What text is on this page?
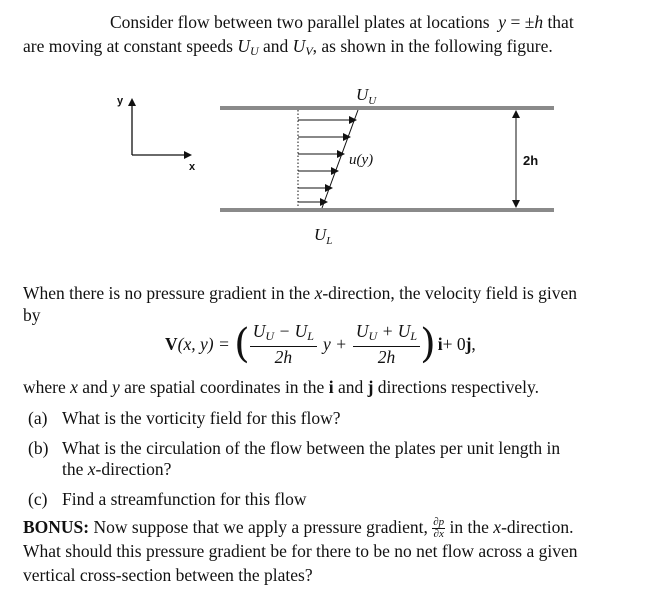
Consider flow between two parallel plates at locations y = ±h that
are moving at constant speeds $U_U$ and $U_V$, as shown in the following figure.
y
x
$U_U$
$U_L$
u(y)	2h
When there is no pressure gradient in the x-direction, the velocity field is given
by
V (x, y) =
( $\frac{U_U - U_L}{2h}$ $y + \frac{U_U + U_L}{2h}$ ) i + 0 j ,
where x and y are spatial coordinates in the i and j directions respectively.
(a) What is the vorticity field for this flow?
(b) What is the circulation of the flow between the plates per unit length in
the x-direction?
(c) Find a streamfunction for this flow
BONUS: Now suppose that we apply a pressure gradient, $\frac{\partial p}{\partial x}$ in the x-direction.
What should this pressure gradient be for there to be no net flow across a given
vertical cross-section between the plates?
